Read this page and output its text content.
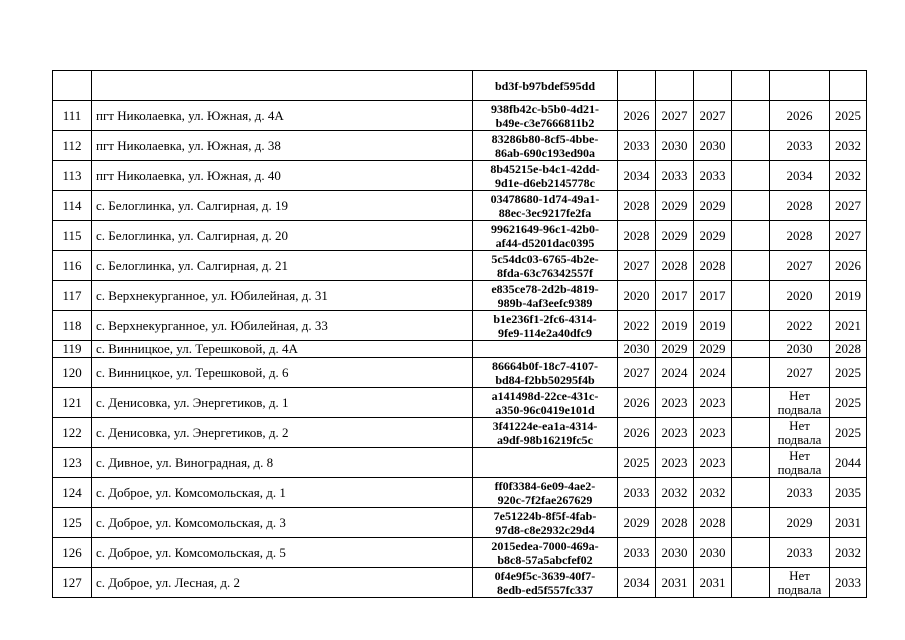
		bd3f-b97bdef595dd						

111	пгт Николаевка, ул. Южная, д. 4А	938fb42c-b5b0-4d21-
b49e-c3e7666811b2	2026	2027	2027		2026	2025
112	пгт Николаевка, ул. Южная, д. 38	83286b80-8cf5-4bbe-
86ab-690c193ed90a	2033	2030	2030		2033	2032
113	пгт Николаевка, ул. Южная, д. 40	8b45215e-b4c1-42dd-
9d1e-d6eb2145778c	2034	2033	2033		2034	2032
114	с. Белоглинка, ул. Салгирная, д. 19	03478680-1d74-49a1-
88ec-3ec9217fe2fa	2028	2029	2029		2028	2027
115	с. Белоглинка, ул. Салгирная, д. 20	99621649-96c1-42b0-
af44-d5201dac0395	2028	2029	2029		2028	2027
116	с. Белоглинка, ул. Салгирная, д. 21	5c54dc03-6765-4b2e-
8fda-63c76342557f	2027	2028	2028		2027	2026
117	с. Верхнекурганное, ул. Юбилейная, д. 31	e835ce78-2d2b-4819-
989b-4af3eefc9389	2020	2017	2017		2020	2019
118	с. Верхнекурганное, ул. Юбилейная, д. 33	b1e236f1-2fc6-4314-
9fe9-114e2a40dfc9	2022	2019	2019		2022	2021
119	с. Винницкое, ул. Терешковой, д. 4А		2030	2029	2029		2030	2028
120	с. Винницкое, ул. Терешковой, д. 6	86664b0f-18c7-4107-
bd84-f2bb50295f4b	2027	2024	2024		2027	2025
121	с. Денисовка, ул. Энергетиков, д. 1	a141498d-22ce-431c-
a350-96c0419e101d	2026	2023	2023		Нет
подвала	2025
122	с. Денисовка, ул. Энергетиков, д. 2	3f41224e-ea1a-4314-
a9df-98b16219fc5c	2026	2023	2023		Нет
подвала	2025
123	с. Дивное, ул. Виноградная, д. 8		2025	2023	2023		Нет
подвала	2044
124	с. Доброе, ул. Комсомольская, д. 1	ff0f3384-6e09-4ae2-
920c-7f2fae267629	2033	2032	2032		2033	2035
125	с. Доброе, ул. Комсомольская, д. 3	7e51224b-8f5f-4fab-
97d8-c8e2932c29d4	2029	2028	2028		2029	2031
126	с. Доброе, ул. Комсомольская, д. 5	2015edea-7000-469a-
b8c8-57a5abcfef02	2033	2030	2030		2033	2032
127	с. Доброе, ул. Лесная, д. 2	0f4e9f5c-3639-40f7-
8edb-ed5f557fc337	2034	2031	2031		Нет
подвала	2033
